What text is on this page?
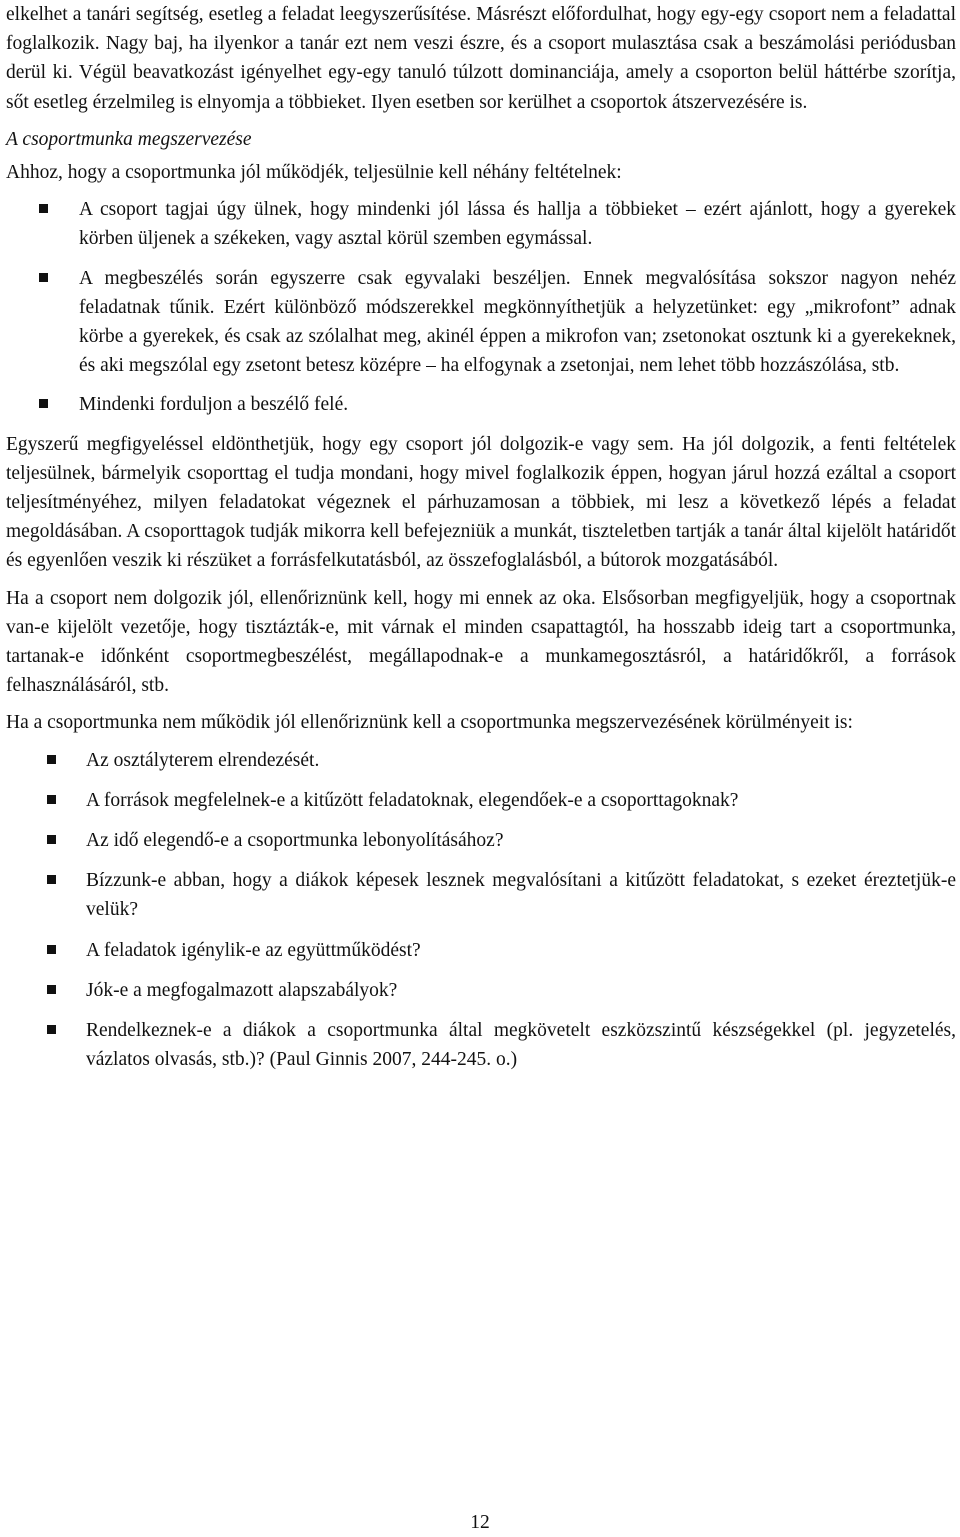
elkelhet a tanári segítség, esetleg a feladat leegyszerűsítése. Másrészt előfordulhat, hogy egy-egy csoport nem a feladattal foglalkozik. Nagy baj, ha ilyenkor a tanár ezt nem veszi észre, és a csoport mulasztása csak a beszámolási periódusban derül ki. Végül beavatkozást igényelhet egy-egy tanuló túlzott dominanciája, amely a csoporton belül háttérbe szorítja, sőt esetleg érzelmileg is elnyomja a többieket. Ilyen esetben sor kerülhet a csoportok átszervezésére is.

A csoportmunka megszervezése

Ahhoz, hogy a csoportmunka jól működjék, teljesülnie kell néhány feltételnek:

A csoport tagjai úgy ülnek, hogy mindenki jól lássa és hallja a többieket – ezért ajánlott, hogy a gyerekek körben üljenek a székeken, vagy asztal körül szemben egymással.
A megbeszélés során egyszerre csak egyvalaki beszéljen. Ennek megvalósítása sokszor nagyon nehéz feladatnak tűnik. Ezért különböző módszerekkel megkönnyíthetjük a helyzetünket: egy „mikrofont” adnak körbe a gyerekek, és csak az szólalhat meg, akinél éppen a mikrofon van; zsetonokat osztunk ki a gyerekeknek, és aki megszólal egy zsetont betesz középre – ha elfogynak a zsetonjai, nem lehet több hozzászólása, stb.
Mindenki forduljon a beszélő felé.

Egyszerű megfigyeléssel eldönthetjük, hogy egy csoport jól dolgozik-e vagy sem. Ha jól dolgozik, a fenti feltételek teljesülnek, bármelyik csoporttag el tudja mondani, hogy mivel foglalkozik éppen, hogyan járul hozzá ezáltal a csoport teljesítményéhez, milyen feladatokat végeznek el párhuzamosan a többiek, mi lesz a következő lépés a feladat megoldásában. A csoporttagok tudják mikorra kell befejezniük a munkát, tiszteletben tartják a tanár által kijelölt határidőt és egyenlően veszik ki részüket a forrásfelkutatásból, az összefoglalásból, a bútorok mozgatásából.

Ha a csoport nem dolgozik jól, ellenőriznünk kell, hogy mi ennek az oka. Elsősorban megfigyeljük, hogy a csoportnak van-e kijelölt vezetője, hogy tisztázták-e, mit várnak el minden csapattagtól, ha hosszabb ideig tart a csoportmunka, tartanak-e időnként csoportmegbeszélést, megállapodnak-e a munkamegosztásról, a határidőkről, a források felhasználásáról, stb.

Ha a csoportmunka nem működik jól ellenőriznünk kell a csoportmunka megszervezésének körülményeit is:

Az osztályterem elrendezését.
A források megfelelnek-e a kitűzött feladatoknak, elegendőek-e a csoporttagoknak?
Az idő elegendő-e a csoportmunka lebonyolításához?
Bízzunk-e abban, hogy a diákok képesek lesznek megvalósítani a kitűzött feladatokat, s ezeket éreztetjük-e velük?
A feladatok igénylik-e az együttműködést?
Jók-e a megfogalmazott alapszabályok?
Rendelkeznek-e a diákok a csoportmunka által megkövetelt eszközszintű készségekkel (pl. jegyzetelés, vázlatos olvasás, stb.)? (Paul Ginnis 2007, 244-245. o.)
12
